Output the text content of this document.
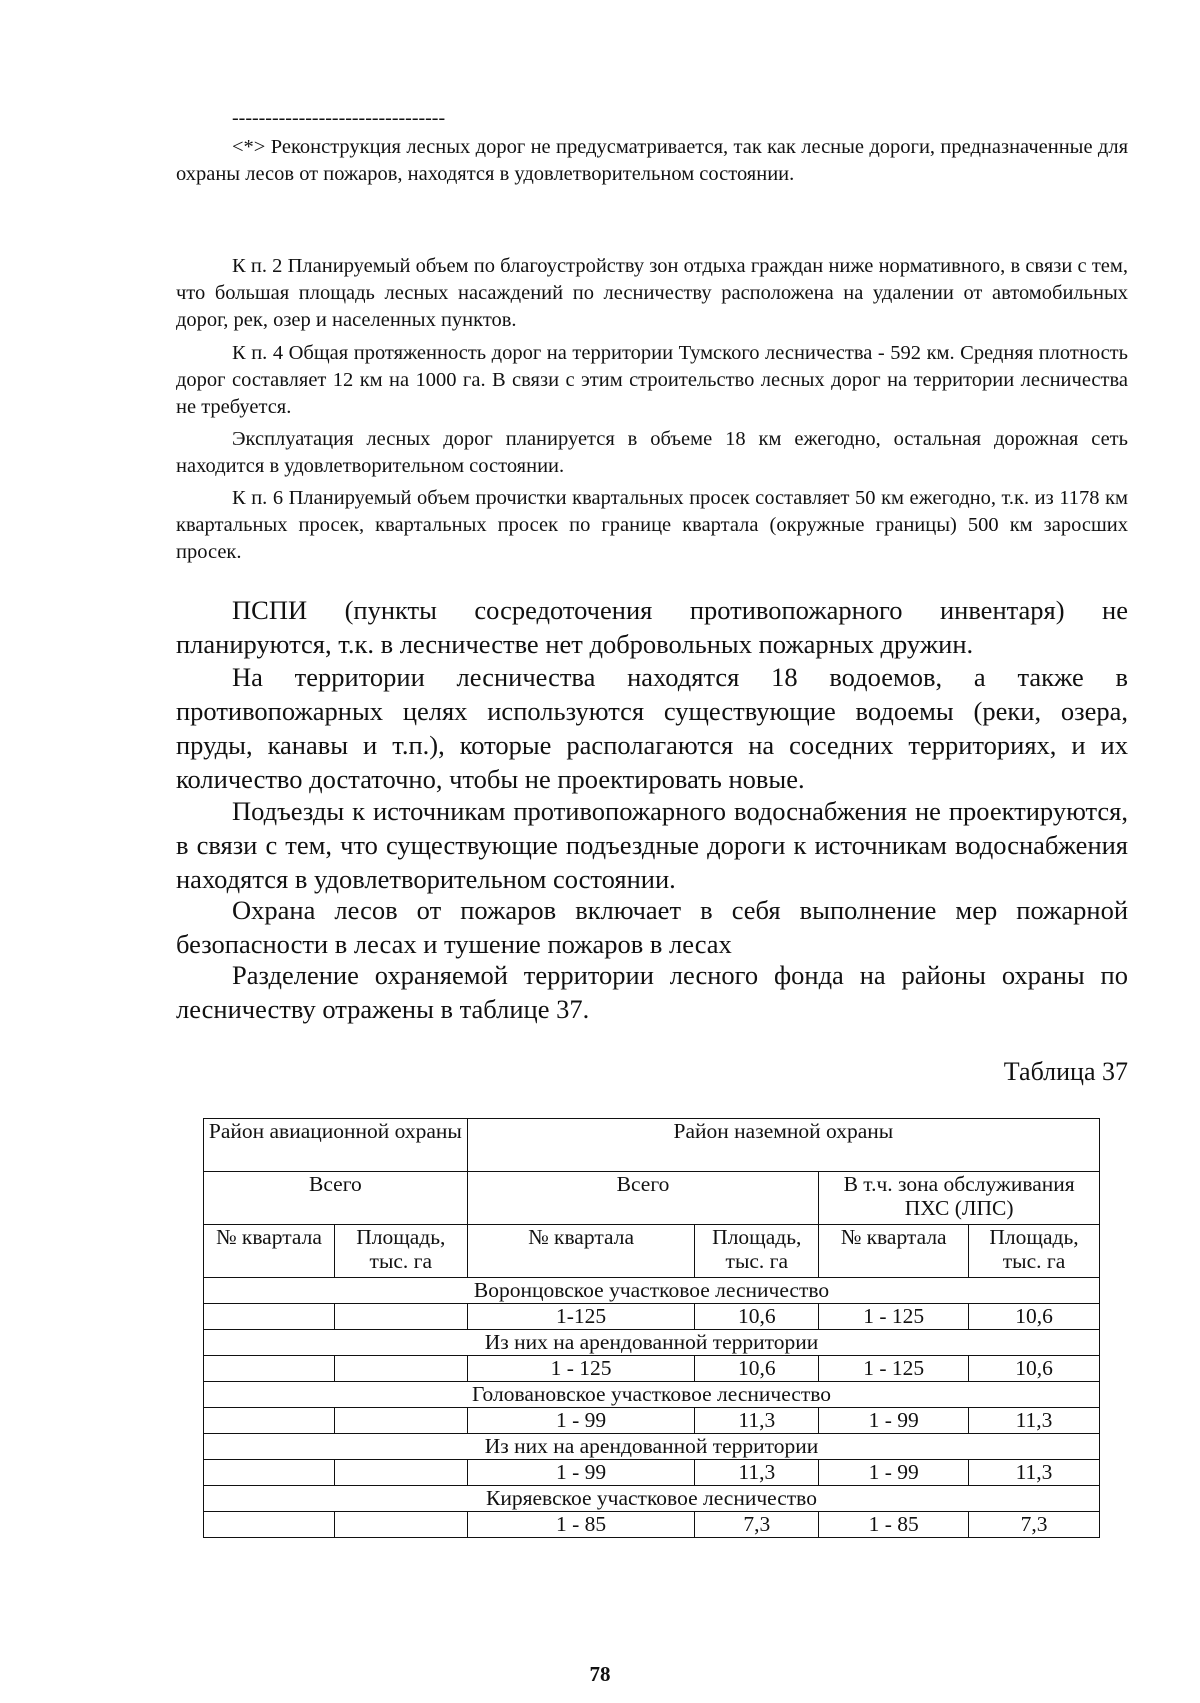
--------------------------------

<*> Реконструкция лесных дорог не предусматривается, так как лесные дороги, предназначенные для охраны лесов от пожаров, находятся в удовлетворительном состоянии.

К п. 2 Планируемый объем по благоустройству зон отдыха граждан ниже нормативного, в связи с тем, что большая площадь лесных насаждений по лесничеству расположена на удалении от автомобильных дорог, рек, озер и населенных пунктов.

К п. 4 Общая протяженность дорог на территории Тумского лесничества - 592 км. Средняя плотность дорог составляет 12 км на 1000 га. В связи с этим строительство лесных дорог на территории лесничества не требуется.

Эксплуатация лесных дорог планируется в объеме 18 км ежегодно, остальная дорожная сеть находится в удовлетворительном состоянии.

К п. 6 Планируемый объем прочистки квартальных просек составляет 50 км ежегодно, т.к. из 1178 км квартальных просек, квартальных просек по границе квартала (окружные границы) 500 км заросших просек.

ПСПИ (пункты сосредоточения противопожарного инвентаря) не планируются, т.к. в лесничестве нет добровольных пожарных дружин.

На территории лесничества находятся 18 водоемов, а также в противопожарных целях используются существующие водоемы (реки, озера, пруды, канавы и т.п.), которые располагаются на соседних территориях, и их количество достаточно, чтобы не проектировать новые.

Подъезды к источникам противопожарного водоснабжения не проектируются, в связи с тем, что существующие подъездные дороги к источникам водоснабжения находятся в удовлетворительном состоянии.

Охрана лесов от пожаров включает в себя выполнение мер пожарной безопасности в лесах и тушение пожаров в лесах

Разделение охраняемой территории лесного фонда на районы охраны по лесничеству отражены в таблице 37.

Таблица 37
Район авиационной охраны		Район наземной охраны			
Всего		Всего		В т.ч. зона обслуживания ПХС (ЛПС)	
№ квартала	Площадь, тыс. га	№ квартала	Площадь, тыс. га	№ квартала	Площадь, тыс. га
Воронцовское участковое лесничество					
		1-125	10,6	1 - 125	10,6
Из них на арендованной территории					
		1 - 125	10,6	1 - 125	10,6
Головановское участковое лесничество					
		1 - 99	11,3	1 - 99	11,3
Из них на арендованной территории					
		1 - 99	11,3	1 - 99	11,3
Киряевское участковое лесничество					
		1 - 85	7,3	1 - 85	7,3
78
